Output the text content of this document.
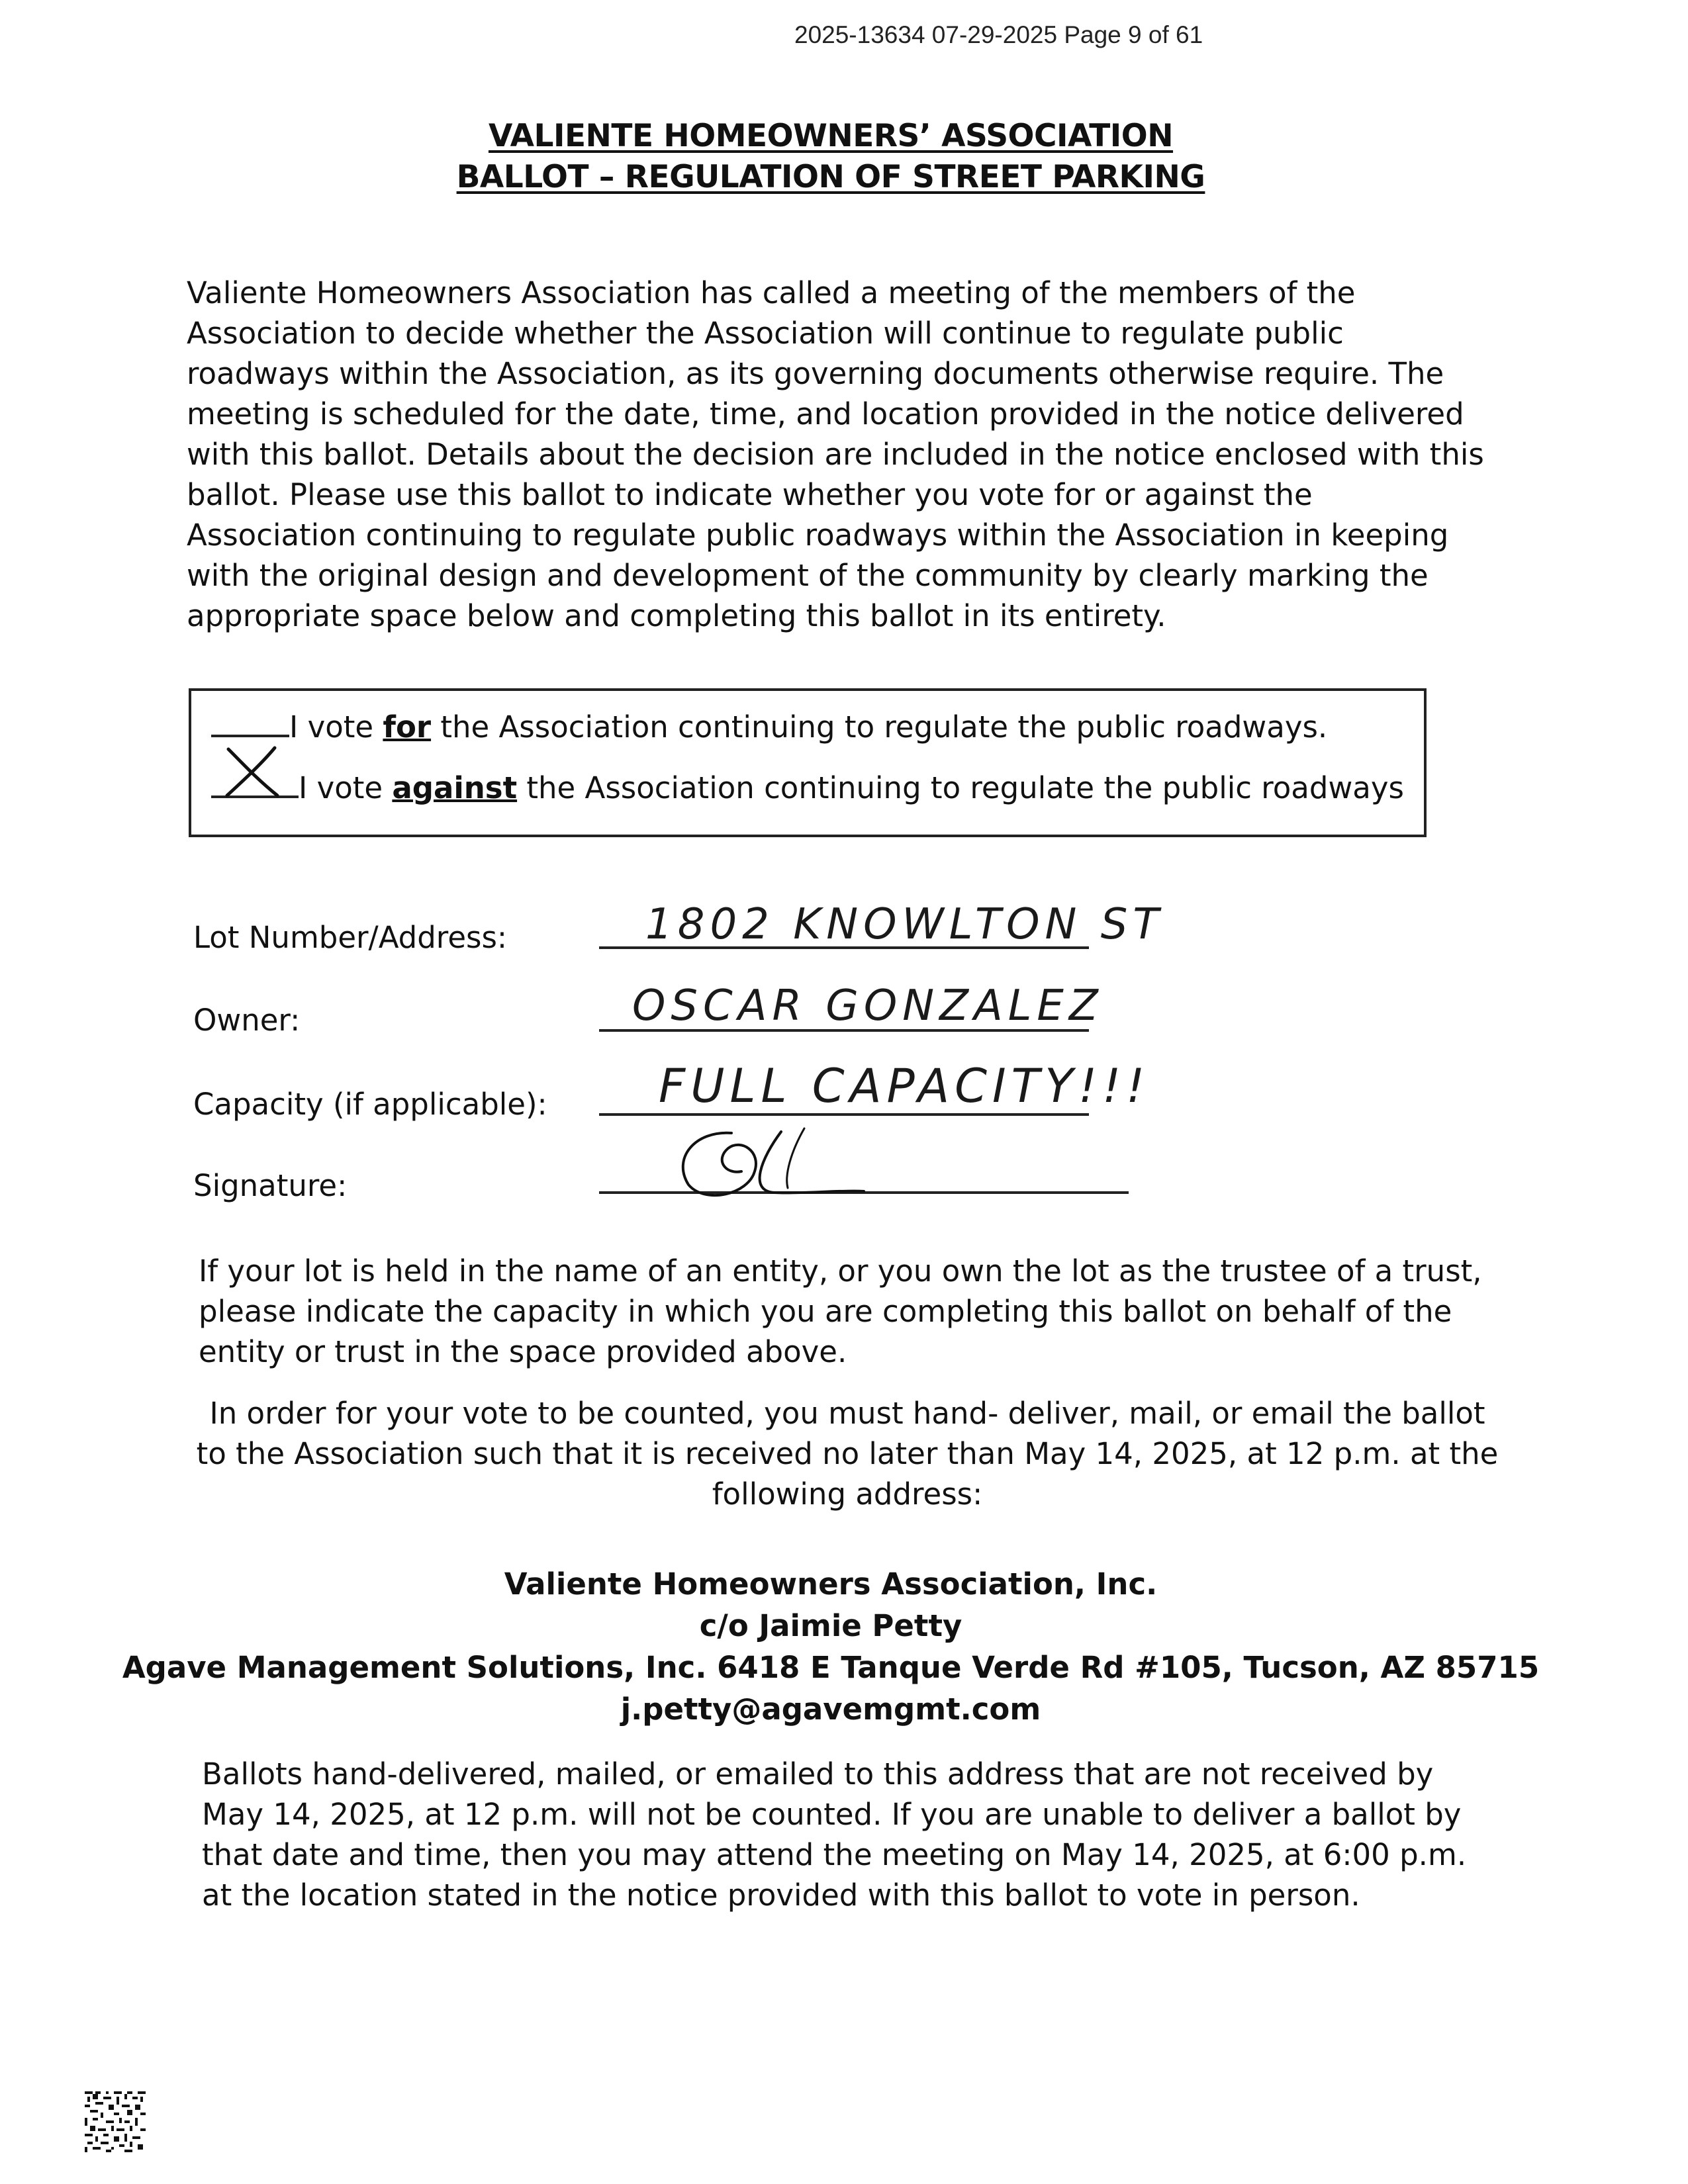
2025-13634 07-29-2025 Page 9 of 61
VALIENTE HOMEOWNERS’ ASSOCIATION
BALLOT – REGULATION OF STREET PARKING
Valiente Homeowners Association has called a meeting of the members of the Association to decide whether the Association will continue to regulate public roadways within the Association, as its governing documents otherwise require. The meeting is scheduled for the date, time, and location provided in the notice delivered with this ballot. Details about the decision are included in the notice enclosed with this ballot. Please use this ballot to indicate whether you vote for or against the Association continuing to regulate public roadways within the Association in keeping with the original design and development of the community by clearly marking the appropriate space below and completing this ballot in its entirety.
I vote for the Association continuing to regulate the public roadways.
I vote against the Association continuing to regulate the public roadways
Lot Number/Address:	1802 KNOWLTON ST
Owner:	OSCAR GONZALEZ
Capacity (if applicable): FULL CAPACITY!!!
Signature:
If your lot is held in the name of an entity, or you own the lot as the trustee of a trust, please indicate the capacity in which you are completing this ballot on behalf of the entity or trust in the space provided above.
In order for your vote to be counted, you must hand- deliver, mail, or email the ballot to the Association such that it is received no later than May 14, 2025, at 12 p.m. at the following address:
Valiente Homeowners Association, Inc.
c/o Jaimie Petty
Agave Management Solutions, Inc. 6418 E Tanque Verde Rd #105, Tucson, AZ 85715
j.petty@agavemgmt.com
Ballots hand-delivered, mailed, or emailed to this address that are not received by May 14, 2025, at 12 p.m. will not be counted. If you are unable to deliver a ballot by that date and time, then you may attend the meeting on May 14, 2025, at 6:00 p.m. at the location stated in the notice provided with this ballot to vote in person.
